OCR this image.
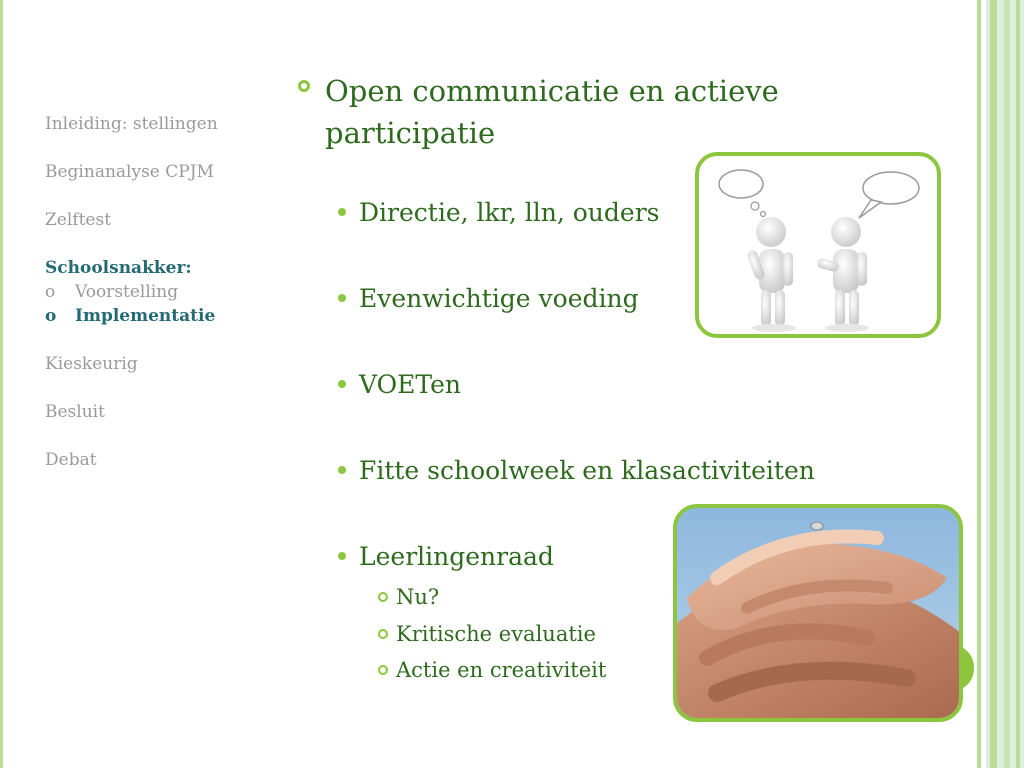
Inleiding: stellingen
Beginanalyse CPJM
Zelftest
Schoolsnakker:
o Voorstelling
o Implementatie
Kieskeurig
Besluit
Debat
Open communicatie en actieve participatie
Directie, lkr, lln, ouders
Evenwichtige voeding
VOETen
Fitte schoolweek en klasactiviteiten
Leerlingenraad
Nu?
Kritische evaluatie
Actie en creativiteit
